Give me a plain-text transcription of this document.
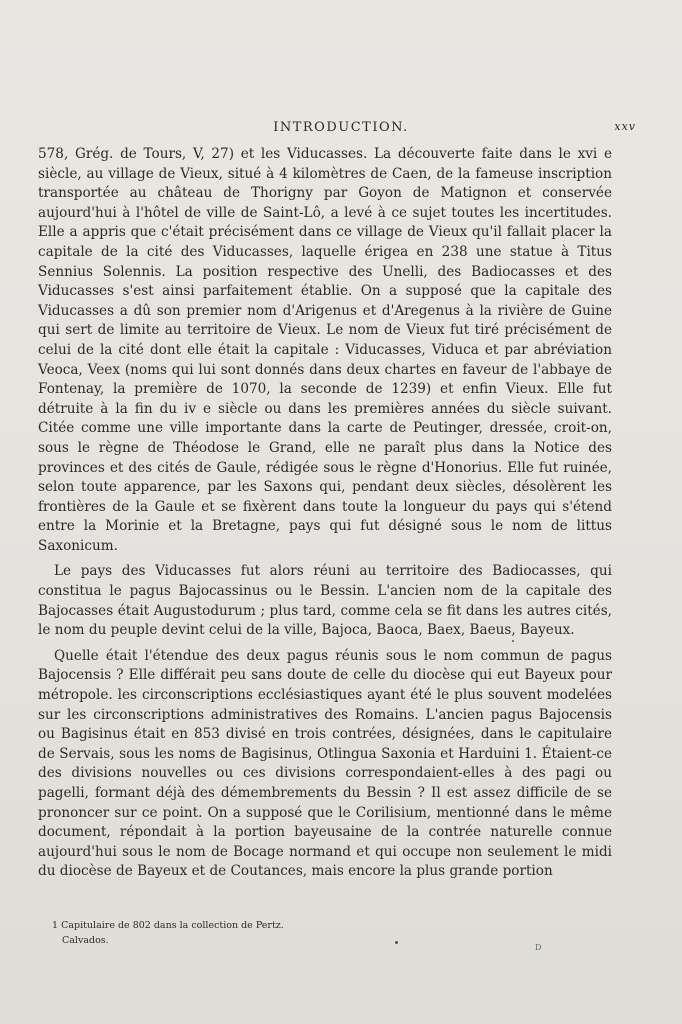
INTRODUCTION.	xxv

578, Grég. de Tours, V, 27) et les Viducasses. La découverte faite dans le xvi e siècle, au village de Vieux, situé à 4 kilomètres de Caen, de la fameuse inscription transportée au château de Thorigny par Goyon de Matignon et conservée aujourd'hui à l'hôtel de ville de Saint-Lô, a levé à ce sujet toutes les incertitudes. Elle a appris que c'était précisément dans ce village de Vieux qu'il fallait placer la capitale de la cité des Viducasses, laquelle érigea en 238 une statue à Titus Sennius Solennis. La position respective des Unelli, des Badiocasses et des Viducasses s'est ainsi parfaitement établie. On a supposé que la capitale des Viducasses a dû son premier nom d'Arigenus et d'Aregenus à la rivière de Guine qui sert de limite au territoire de Vieux. Le nom de Vieux fut tiré précisément de celui de la cité dont elle était la capitale : Viducasses, Viduca et par abréviation Veoca, Veex (noms qui lui sont donnés dans deux chartes en faveur de l'abbaye de Fontenay, la première de 1070, la seconde de 1239) et enfin Vieux. Elle fut détruite à la fin du iv e siècle ou dans les premières années du siècle suivant. Citée comme une ville importante dans la carte de Peutinger, dressée, croit-on, sous le règne de Théodose le Grand, elle ne paraît plus dans la Notice des provinces et des cités de Gaule, rédigée sous le règne d'Honorius. Elle fut ruinée, selon toute apparence, par les Saxons qui, pendant deux siècles, désolèrent les frontières de la Gaule et se fixèrent dans toute la longueur du pays qui s'étend entre la Morinie et la Bretagne, pays qui fut désigné sous le nom de littus Saxonicum.

Le pays des Viducasses fut alors réuni au territoire des Badiocasses, qui constitua le pagus Bajocassinus ou le Bessin. L'ancien nom de la capitale des Bajocasses était Augustodurum ; plus tard, comme cela se fit dans les autres cités, le nom du peuple devint celui de la ville, Bajoca, Baoca, Baex, Baeus, Bayeux.

Quelle était l'étendue des deux pagus réunis sous le nom commun de pagus Bajocensis ? Elle différait peu sans doute de celle du diocèse qui eut Bayeux pour métropole. les circonscriptions ecclésiastiques ayant été le plus souvent modelées sur les circonscriptions administratives des Romains. L'ancien pagus Bajocensis ou Bagisinus était en 853 divisé en trois contrées, désignées, dans le capitulaire de Servais, sous les noms de Bagisinus, Otlingua Saxonia et Harduini 1. Étaient-ce des divisions nouvelles ou ces divisions correspondaient-elles à des pagi ou pagelli, formant déjà des démembrements du Bessin ? Il est assez difficile de se prononcer sur ce point. On a supposé que le Corilisium, mentionné dans le même document, répondait à la portion bayeusaine de la contrée naturelle connue aujourd'hui sous le nom de Bocage normand et qui occupe non seulement le midi du diocèse de Bayeux et de Coutances, mais encore la plus grande portion

1 Capitulaire de 802 dans la collection de Pertz.

Calvados.

D
